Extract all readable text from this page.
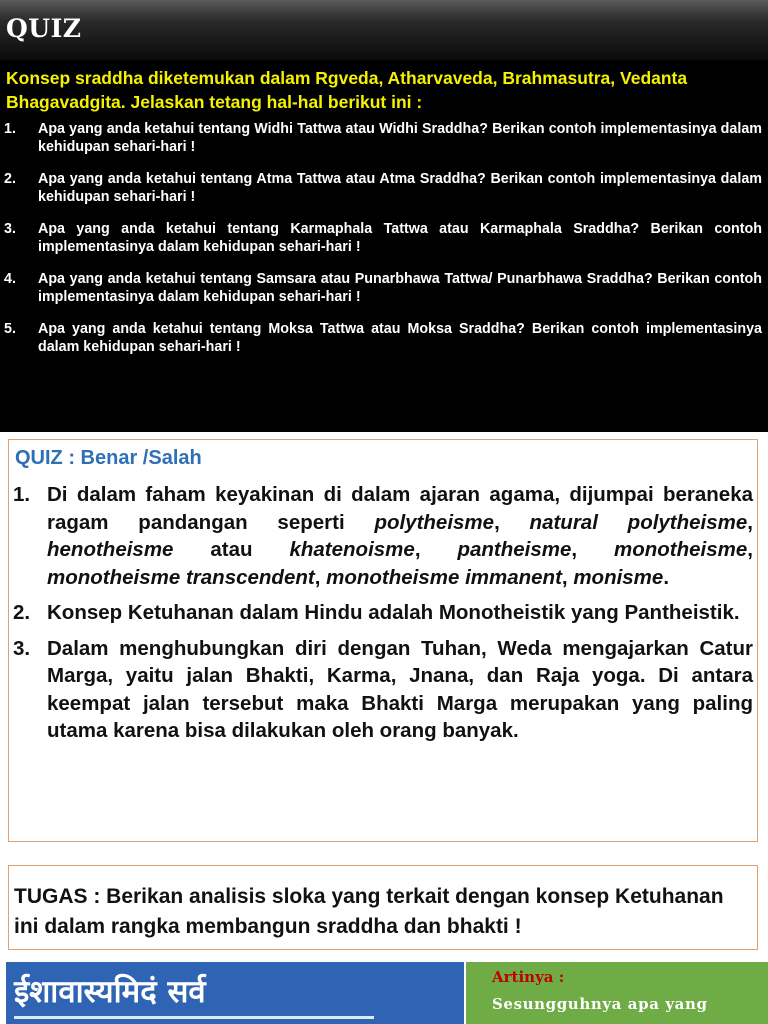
QUIZ
Konsep sraddha diketemukan dalam Rgveda, Atharvaveda, Brahmasutra, Vedanta Bhagavadgita. Jelaskan tetang hal-hal berikut ini :
1.	Apa yang anda ketahui tentang Widhi Tattwa atau Widhi Sraddha? Berikan contoh implementasinya dalam kehidupan sehari-hari !
2.	Apa yang anda ketahui tentang Atma Tattwa atau Atma Sraddha? Berikan contoh implementasinya dalam kehidupan sehari-hari !
3.	Apa yang anda ketahui tentang Karmaphala Tattwa atau Karmaphala Sraddha? Berikan contoh implementasinya dalam kehidupan sehari-hari !
4.	Apa yang anda ketahui tentang Samsara atau Punarbhawa Tattwa/ Punarbhawa Sraddha? Berikan contoh implementasinya dalam kehidupan sehari-hari !
5.	Apa yang anda ketahui tentang Moksa Tattwa atau Moksa Sraddha? Berikan contoh implementasinya dalam kehidupan sehari-hari !
QUIZ : Benar /Salah
1. Di dalam faham keyakinan di dalam ajaran agama, dijumpai beraneka ragam pandangan seperti polytheisme, natural polytheisme, henotheisme atau khatenoisme, pantheisme, monotheisme, monotheisme transcendent, monotheisme immanent, monisme.
2. Konsep Ketuhanan dalam Hindu adalah Monotheistik yang Pantheistik.
3. Dalam menghubungkan diri dengan Tuhan, Weda mengajarkan Catur Marga, yaitu jalan Bhakti, Karma, Jnana, dan Raja yoga. Di antara keempat jalan tersebut maka Bhakti Marga merupakan yang paling utama karena bisa dilakukan oleh orang banyak.
TUGAS : Berikan analisis sloka yang terkait dengan konsep Ketuhanan ini dalam rangka membangun sraddha dan bhakti !
ईशावास्यमिदं सर्व	Artinya :
Sesungguhnya apa yang
